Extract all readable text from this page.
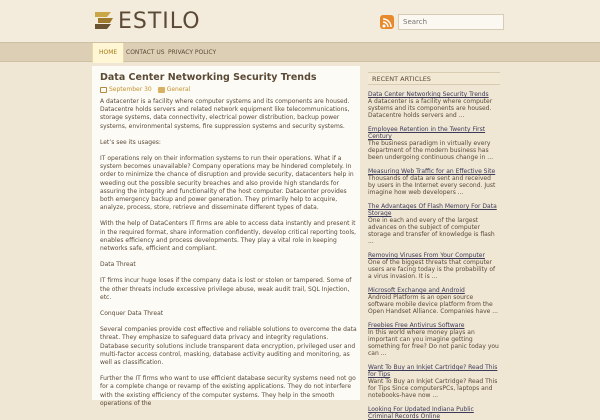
ESTILO
Search
HOME	CONTACT US PRIVACY POLICY
Data Center Networking Security Trends
September 30	General

A datacenter is a facility where computer systems and its components are housed. Datacentre holds servers and related network equipment like telecommunications, storage systems, data connectivity, electrical power distribution, backup power systems, environmental systems, fire suppression systems and security systems.

Let’s see its usages:

IT operations rely on their information systems to run their operations. What if a system becomes unavailable? Company operations may be hindered completely. In order to minimize the chance of disruption and provide security, datacenters help in weeding out the possible security breaches and also provide high standards for assuring the integrity and functionality of the host computer. Datacenter provides both emergency backup and power generation. They primarily help to acquire, analyze, process, store, retrieve and disseminate different types of data.

With the help of DataCenters IT firms are able to access data instantly and present it in the required format, share information confidently, develop critical reporting tools, enables efficiency and process developments. They play a vital role in keeping networks safe, efficient and compliant.

Data Threat

IT firms incur huge loses if the company data is lost or stolen or tampered. Some of the other threats include excessive privilege abuse, weak audit trail, SQL Injection, etc.

Conquer Data Threat

Several companies provide cost effective and reliable solutions to overcome the data threat. They emphasize to safeguard data privacy and integrity regulations. Database security solutions include transparent data encryption, privileged user and multi-factor access control, masking, database activity auditing and monitoring, as well as classification.

Further the IT firms who want to use efficient database security systems need not go for a complete change or revamp of the existing applications. They do not interfere with the existing efficiency of the computer systems. They help in the smooth operations of the

RECENT ARTICLES
Data Center Networking Security Trends
A datacenter is a facility where computer systems and its components are housed. Datacentre holds servers and ...
Employee Retention in the Twenty First Century
The business paradigm in virtually every department of the modern business has been undergoing continuous change in ...
Measuring Web Traffic for an Effective Site
Thousands of data are sent and received by users in the Internet every second. Just imagine how web developers ...
The Advantages Of Flash Memory For Data Storage
One in each and every of the largest advances on the subject of computer storage and transfer of knowledge is flash ...
Removing Viruses From Your Computer
One of the biggest threats that computer users are facing today is the probability of a virus invasion. It is ...
Microsoft Exchange and Android
Android Platform is an open source software mobile device platform from the Open Handset Alliance. Companies have ...
Freebies Free Antivirus Software
In this world where money plays an important can you imagine getting something for free? Do not panic today you can ...
Want To Buy an Inkjet Cartridge? Read This for Tips
Want To Buy an Inkjet Cartridge? Read This for Tips Since computersPCs, laptops and notebooks-have now ...
Looking For Updated Indiana Public Criminal Records Online
